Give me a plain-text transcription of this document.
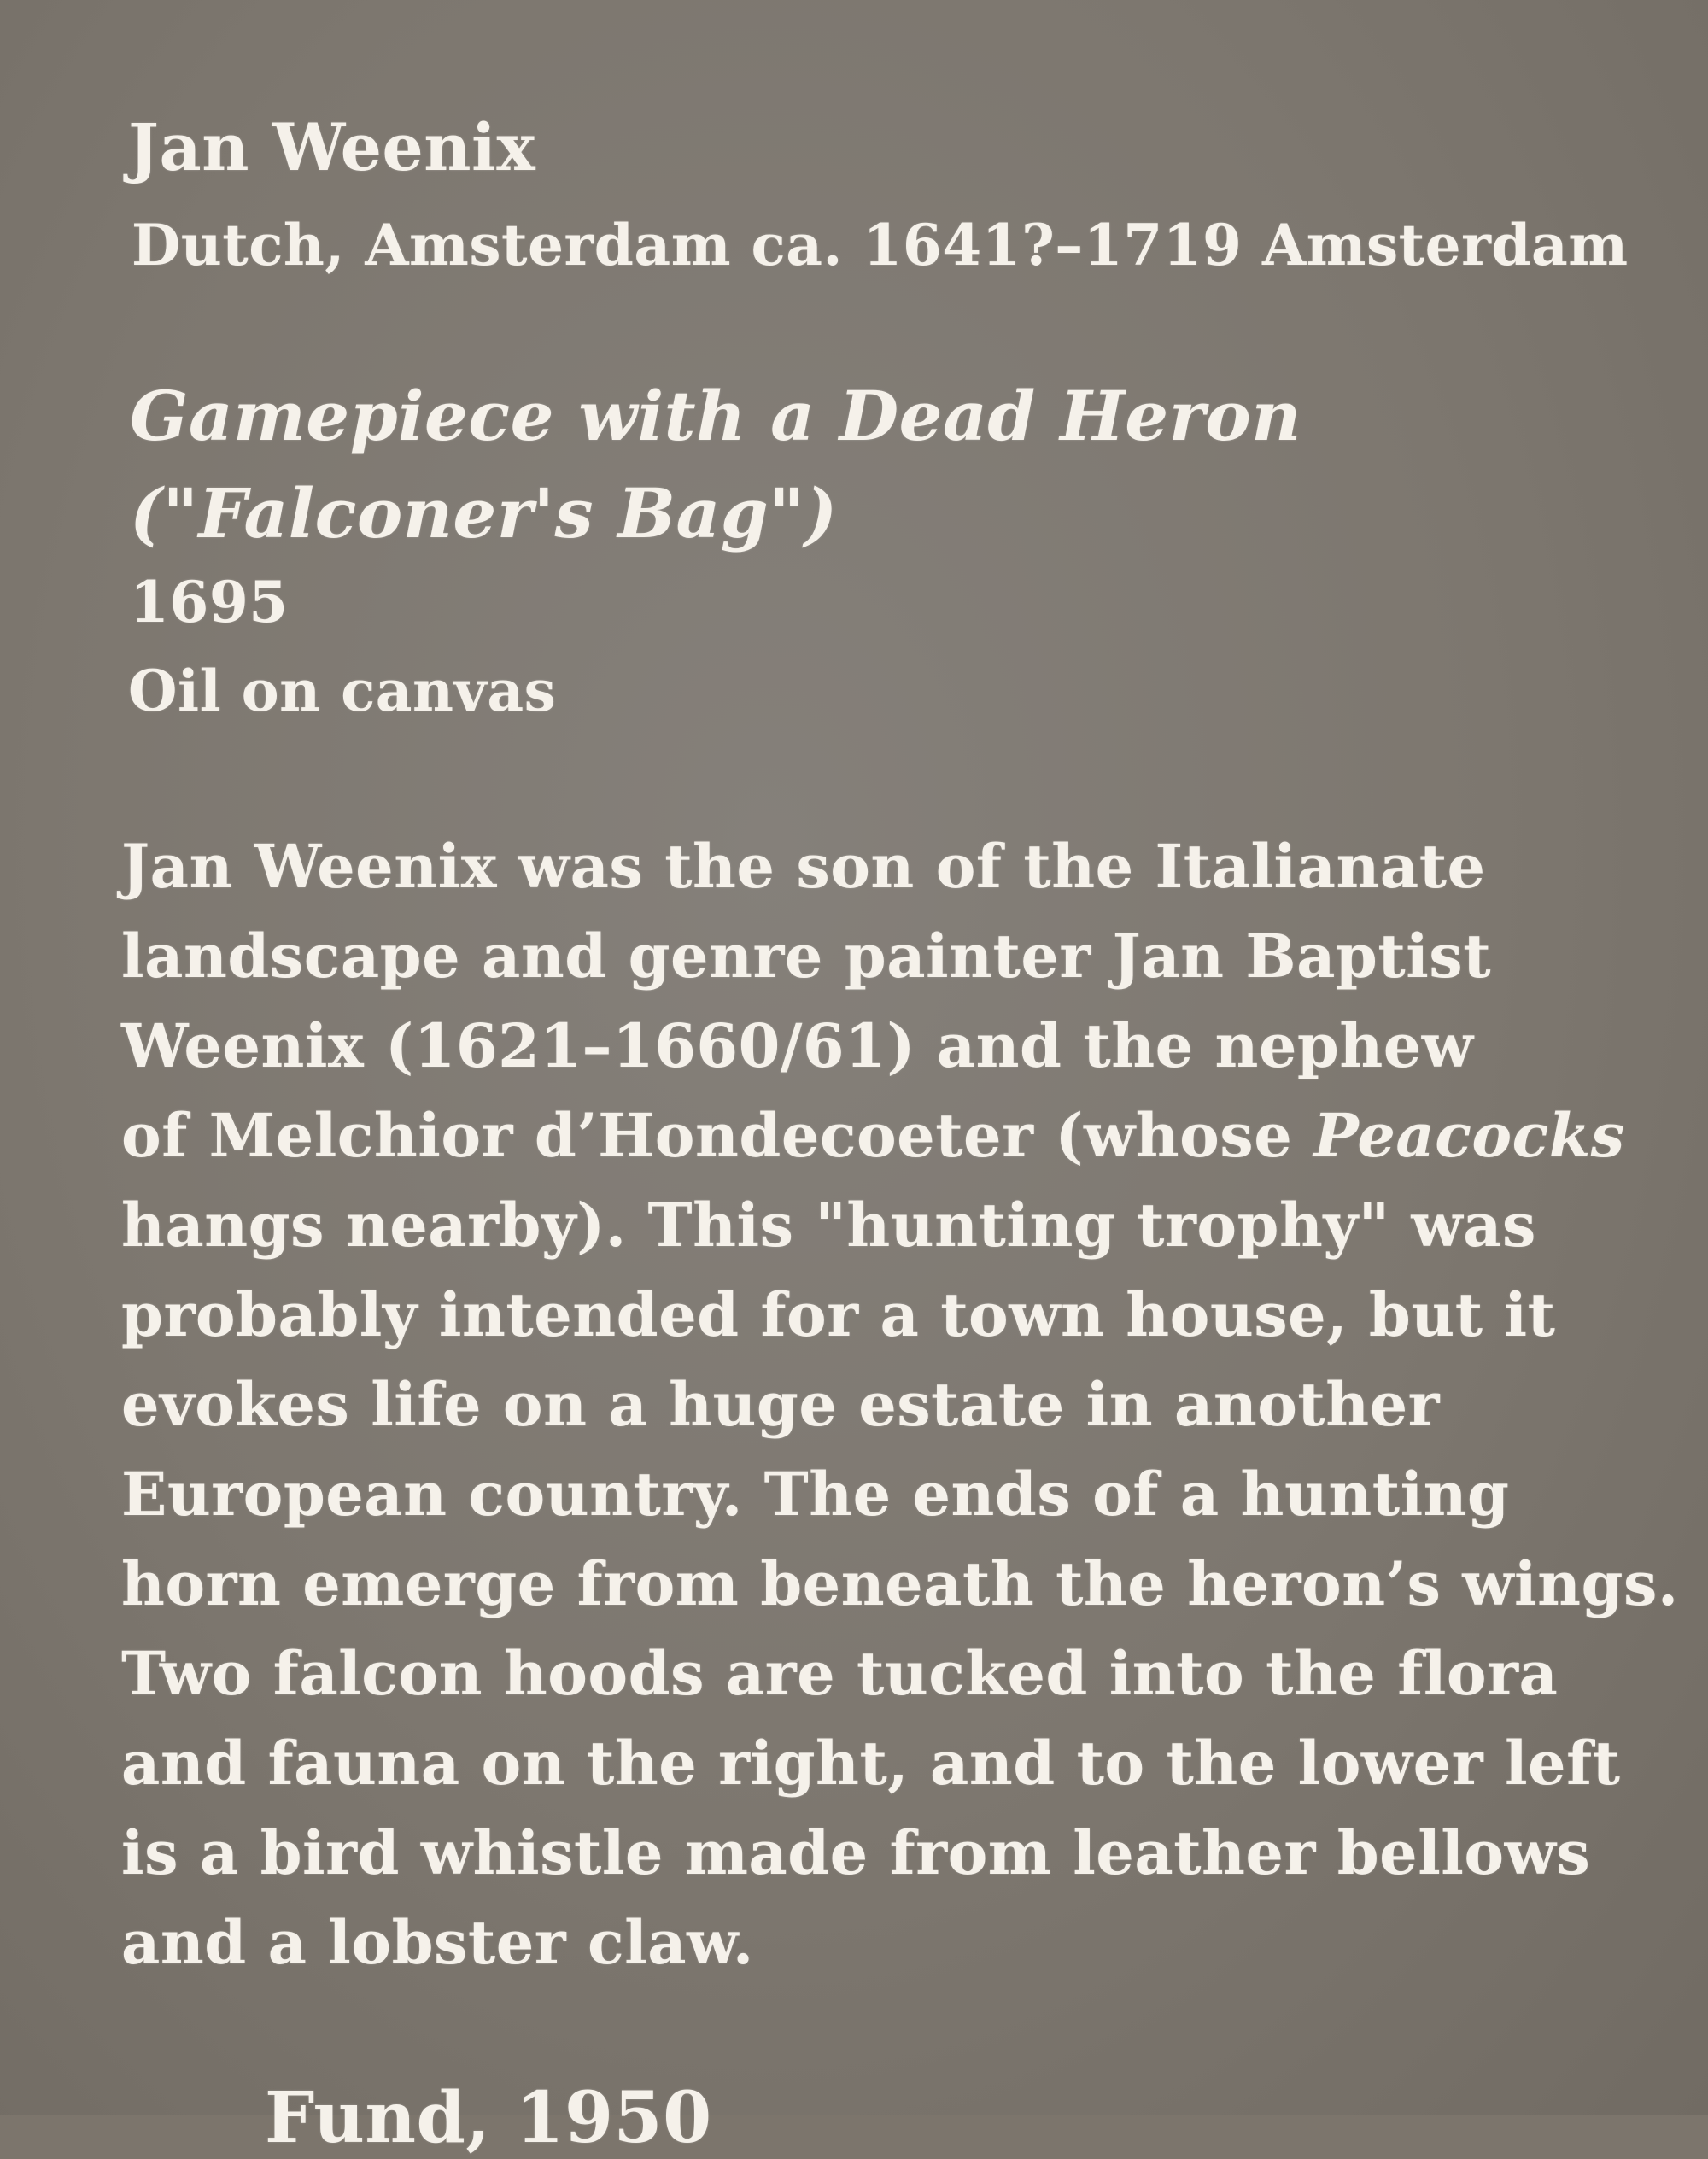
Jan Weenix
Dutch, Amsterdam ca. 1641?–1719 Amsterdam
Gamepiece with a Dead Heron
("Falconer's Bag")
1695
Oil on canvas
Jan Weenix was the son of the Italianate
landscape and genre painter Jan Baptist
Weenix (1621–1660/61) and the nephew
of Melchior d’Hondecoeter (whose Peacocks
hangs nearby). This "hunting trophy" was
probably intended for a town house, but it
evokes life on a huge estate in another
European country. The ends of a hunting
horn emerge from beneath the heron’s wings.
Two falcon hoods are tucked into the flora
and fauna on the right, and to the lower left
is a bird whistle made from leather bellows
and a lobster claw.
Fund, 1950
